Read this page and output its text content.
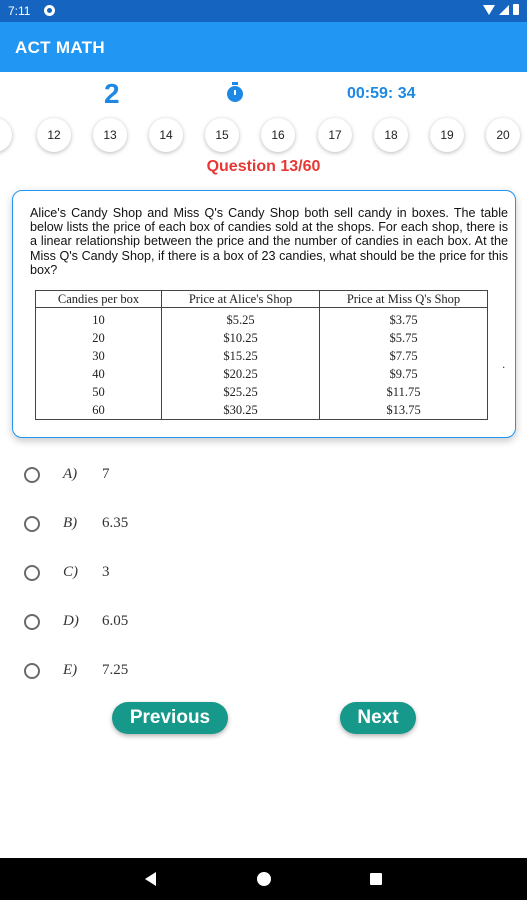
7:11
ACT MATH
2	00:59: 34
12	13	14	15	16	17	18	19	20
Question 13/60
Alice's Candy Shop and Miss Q's Candy Shop both sell candy in boxes. The table below lists the price of each box of candies sold at the shops. For each shop, there is a linear relationship between the price and the number of candies in each box. At the Miss Q's Candy Shop, if there is a box of 23 candies, what should be the price for this box?
Candies per box	Price at Alice's Shop	Price at Miss Q's Shop

10	$5.25	$3.75
20	$10.25	$5.75
30	$15.25	$7.75
40	$20.25	$9.75
50	$25.25	$11.75
60	$30.25	$13.75
.
A) 7
B) 6.35
C) 3
D) 6.05
E) 7.25
Previous	Next
